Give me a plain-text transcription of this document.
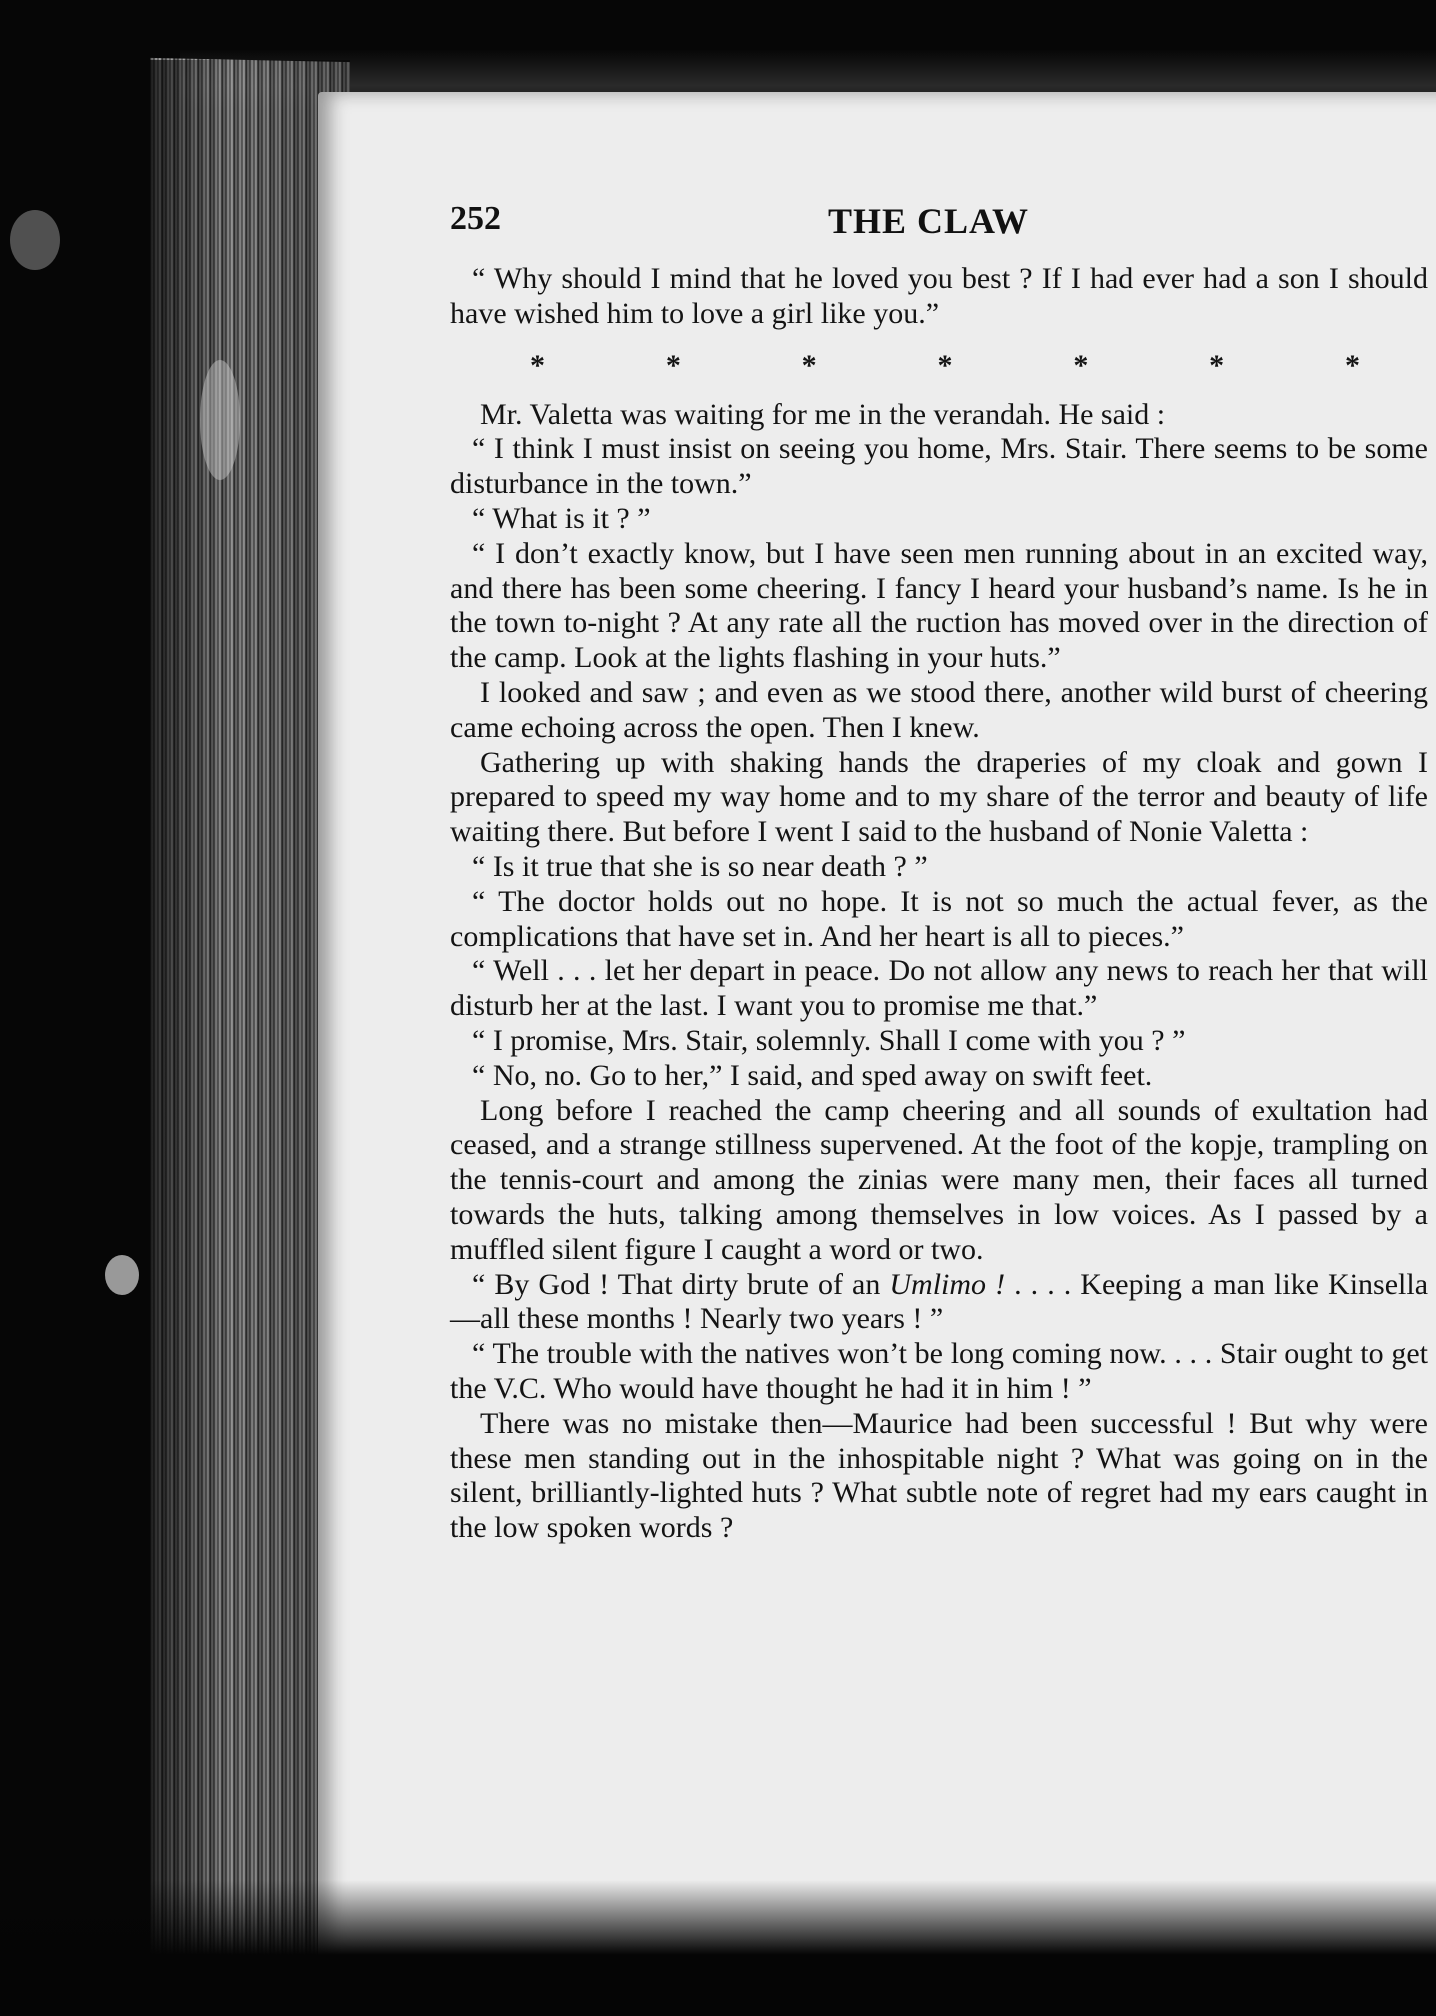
252	THE CLAW

“ Why should I mind that he loved you best ? If I had ever had a son I should have wished him to love a girl like you.”

*	*	*	*	*	*	*

Mr. Valetta was waiting for me in the verandah. He said :

“ I think I must insist on seeing you home, Mrs. Stair. There seems to be some disturbance in the town.”

“ What is it ? ”

“ I don’t exactly know, but I have seen men running about in an excited way, and there has been some cheering. I fancy I heard your husband’s name. Is he in the town to-night ? At any rate all the ruction has moved over in the direction of the camp. Look at the lights flashing in your huts.”

I looked and saw ; and even as we stood there, another wild burst of cheering came echoing across the open. Then I knew.

Gathering up with shaking hands the draperies of my cloak and gown I prepared to speed my way home and to my share of the terror and beauty of life waiting there. But before I went I said to the husband of Nonie Valetta :

“ Is it true that she is so near death ? ”

“ The doctor holds out no hope. It is not so much the actual fever, as the complications that have set in. And her heart is all to pieces.”

“ Well . . . let her depart in peace. Do not allow any news to reach her that will disturb her at the last. I want you to promise me that.”

“ I promise, Mrs. Stair, solemnly. Shall I come with you ? ”

“ No, no. Go to her,” I said, and sped away on swift feet.

Long before I reached the camp cheering and all sounds of exultation had ceased, and a strange stillness supervened. At the foot of the kopje, trampling on the tennis-court and among the zinias were many men, their faces all turned towards the huts, talking among themselves in low voices. As I passed by a muffled silent figure I caught a word or two.

“ By God ! That dirty brute of an Umlimo ! . . . . Keeping a man like Kinsella—all these months ! Nearly two years ! ”

“ The trouble with the natives won’t be long coming now. . . . Stair ought to get the V.C. Who would have thought he had it in him ! ”

There was no mistake then—Maurice had been successful ! But why were these men standing out in the inhospitable night ? What was going on in the silent, brilliantly-lighted huts ? What subtle note of regret had my ears caught in the low spoken words ?
